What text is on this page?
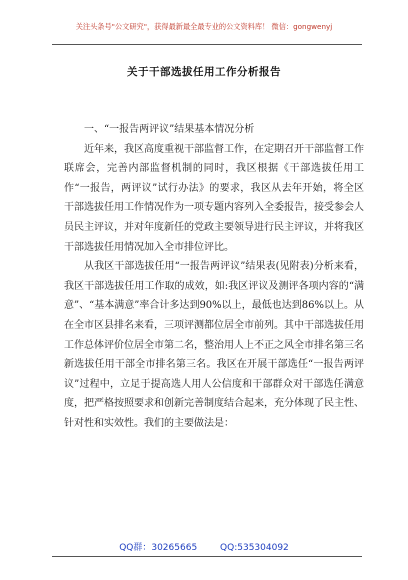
关注头条号"公文研究"，获得最新最全最专业的公文资料库！ 微信：gongwenyj
关于干部选拔任用工作分析报告

一、“一报告两评议”结果基本情况分析

近年来，我区高度重视干部监督工作，在定期召开干部监督工作联席会，完善内部监督机制的同时，我区根据《干部选拔任用工作“一报告，两评议”试行办法》的要求，我区从去年开始，将全区干部选拔任用工作情况作为一项专题内容列入全委报告，接受参会人员民主评议，并对年度新任的党政主要领导进行民主评议，并将我区干部选拔任用情况加入全市排位评比。

从我区干部选拔任用“一报告两评议”结果表(见附表)分析来看，我区干部选拔任用工作取的成效，如:我区评议及测评各项内容的“满意”、“基本满意”率合计多达到90%以上，最低也达到86%以上。从在全市区县排名来看，三项评测都位居全市前列。其中干部选拔任用工作总体评价位居全市第二名，整治用人上不正之风全市排名第三名新选拔任用干部全市排名第三名。我区在开展干部选任“一报告两评议”过程中，立足于提高选人用人公信度和干部群众对干部选任满意度，把严格按照要求和创新完善制度结合起来，充分体现了民主性、针对性和实效性。我们的主要做法是：

QQ群：30265665	QQ:535304092
